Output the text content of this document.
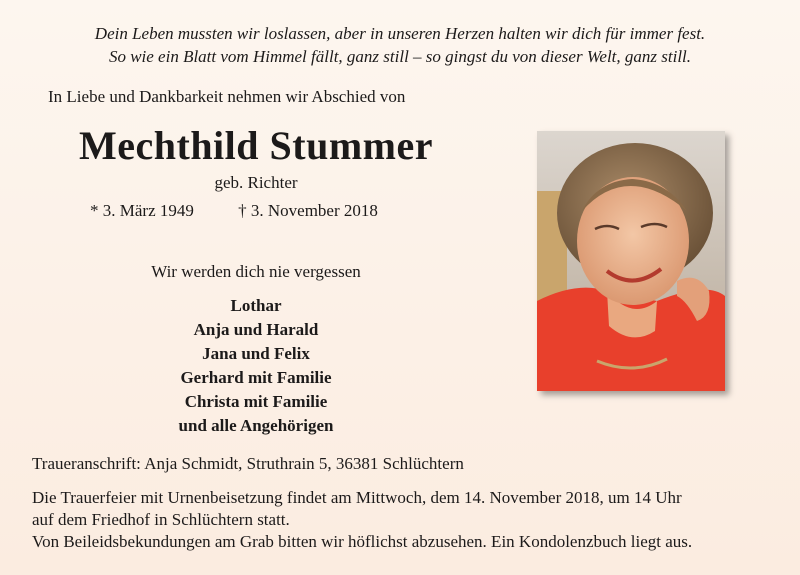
Dein Leben mussten wir loslassen, aber in unseren Herzen halten wir dich für immer fest.
So wie ein Blatt vom Himmel fällt, ganz still – so gingst du von dieser Welt, ganz still.
In Liebe und Dankbarkeit nehmen wir Abschied von
Mechthild Stummer
geb. Richter
* 3. März 1949	† 3. November 2018
Wir werden dich nie vergessen
Lothar
Anja und Harald
Jana und Felix
Gerhard mit Familie
Christa mit Familie
und alle Angehörigen
Traueranschrift: Anja Schmidt, Struthrain 5, 36381 Schlüchtern
Die Trauerfeier mit Urnenbeisetzung findet am Mittwoch, dem 14. November 2018, um 14 Uhr
auf dem Friedhof in Schlüchtern statt.
Von Beileidsbekundungen am Grab bitten wir höflichst abzusehen. Ein Kondolenzbuch liegt aus.
